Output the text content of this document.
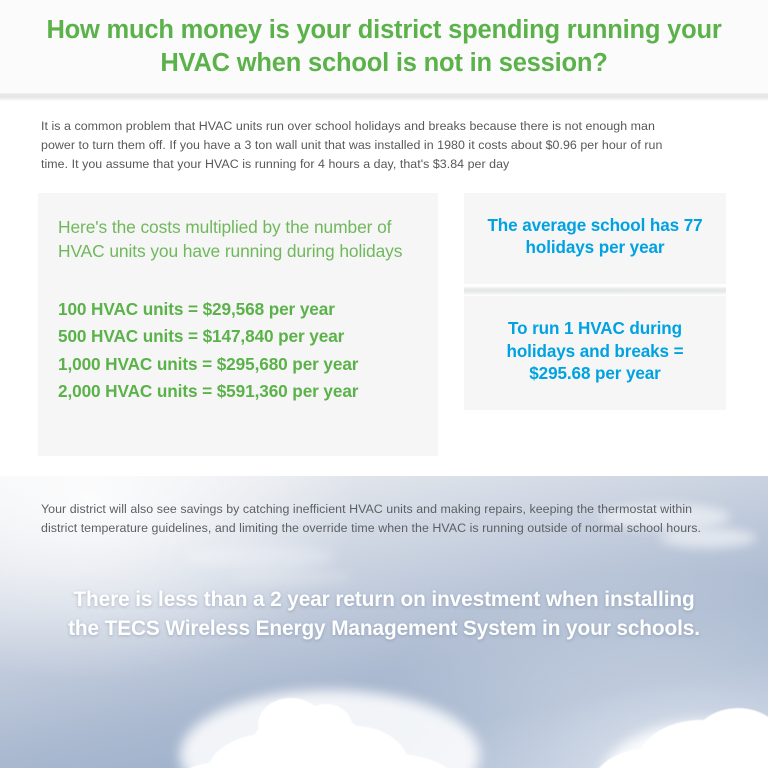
How much money is your district spending running your HVAC when school is not in session?

It is a common problem that HVAC units run over school holidays and breaks because there is not enough man power to turn them off. If you have a 3 ton wall unit that was installed in 1980 it costs about $0.96 per hour of run time. It you assume that your HVAC is running for 4 hours a day, that's $3.84 per day

Here's the costs multiplied by the number of HVAC units you have running during holidays
100 HVAC units = $29,568 per year
500 HVAC units = $147,840 per year
1,000 HVAC units = $295,680 per year
2,000 HVAC units = $591,360 per year
The average school has 77 holidays per year
To run 1 HVAC during holidays and breaks = $295.68 per year

Your district will also see savings by catching inefficient HVAC units and making repairs, keeping the thermostat within district temperature guidelines, and limiting the override time when the HVAC is running outside of normal school hours.

There is less than a 2 year return on investment when installing the TECS Wireless Energy Management System in your schools.
